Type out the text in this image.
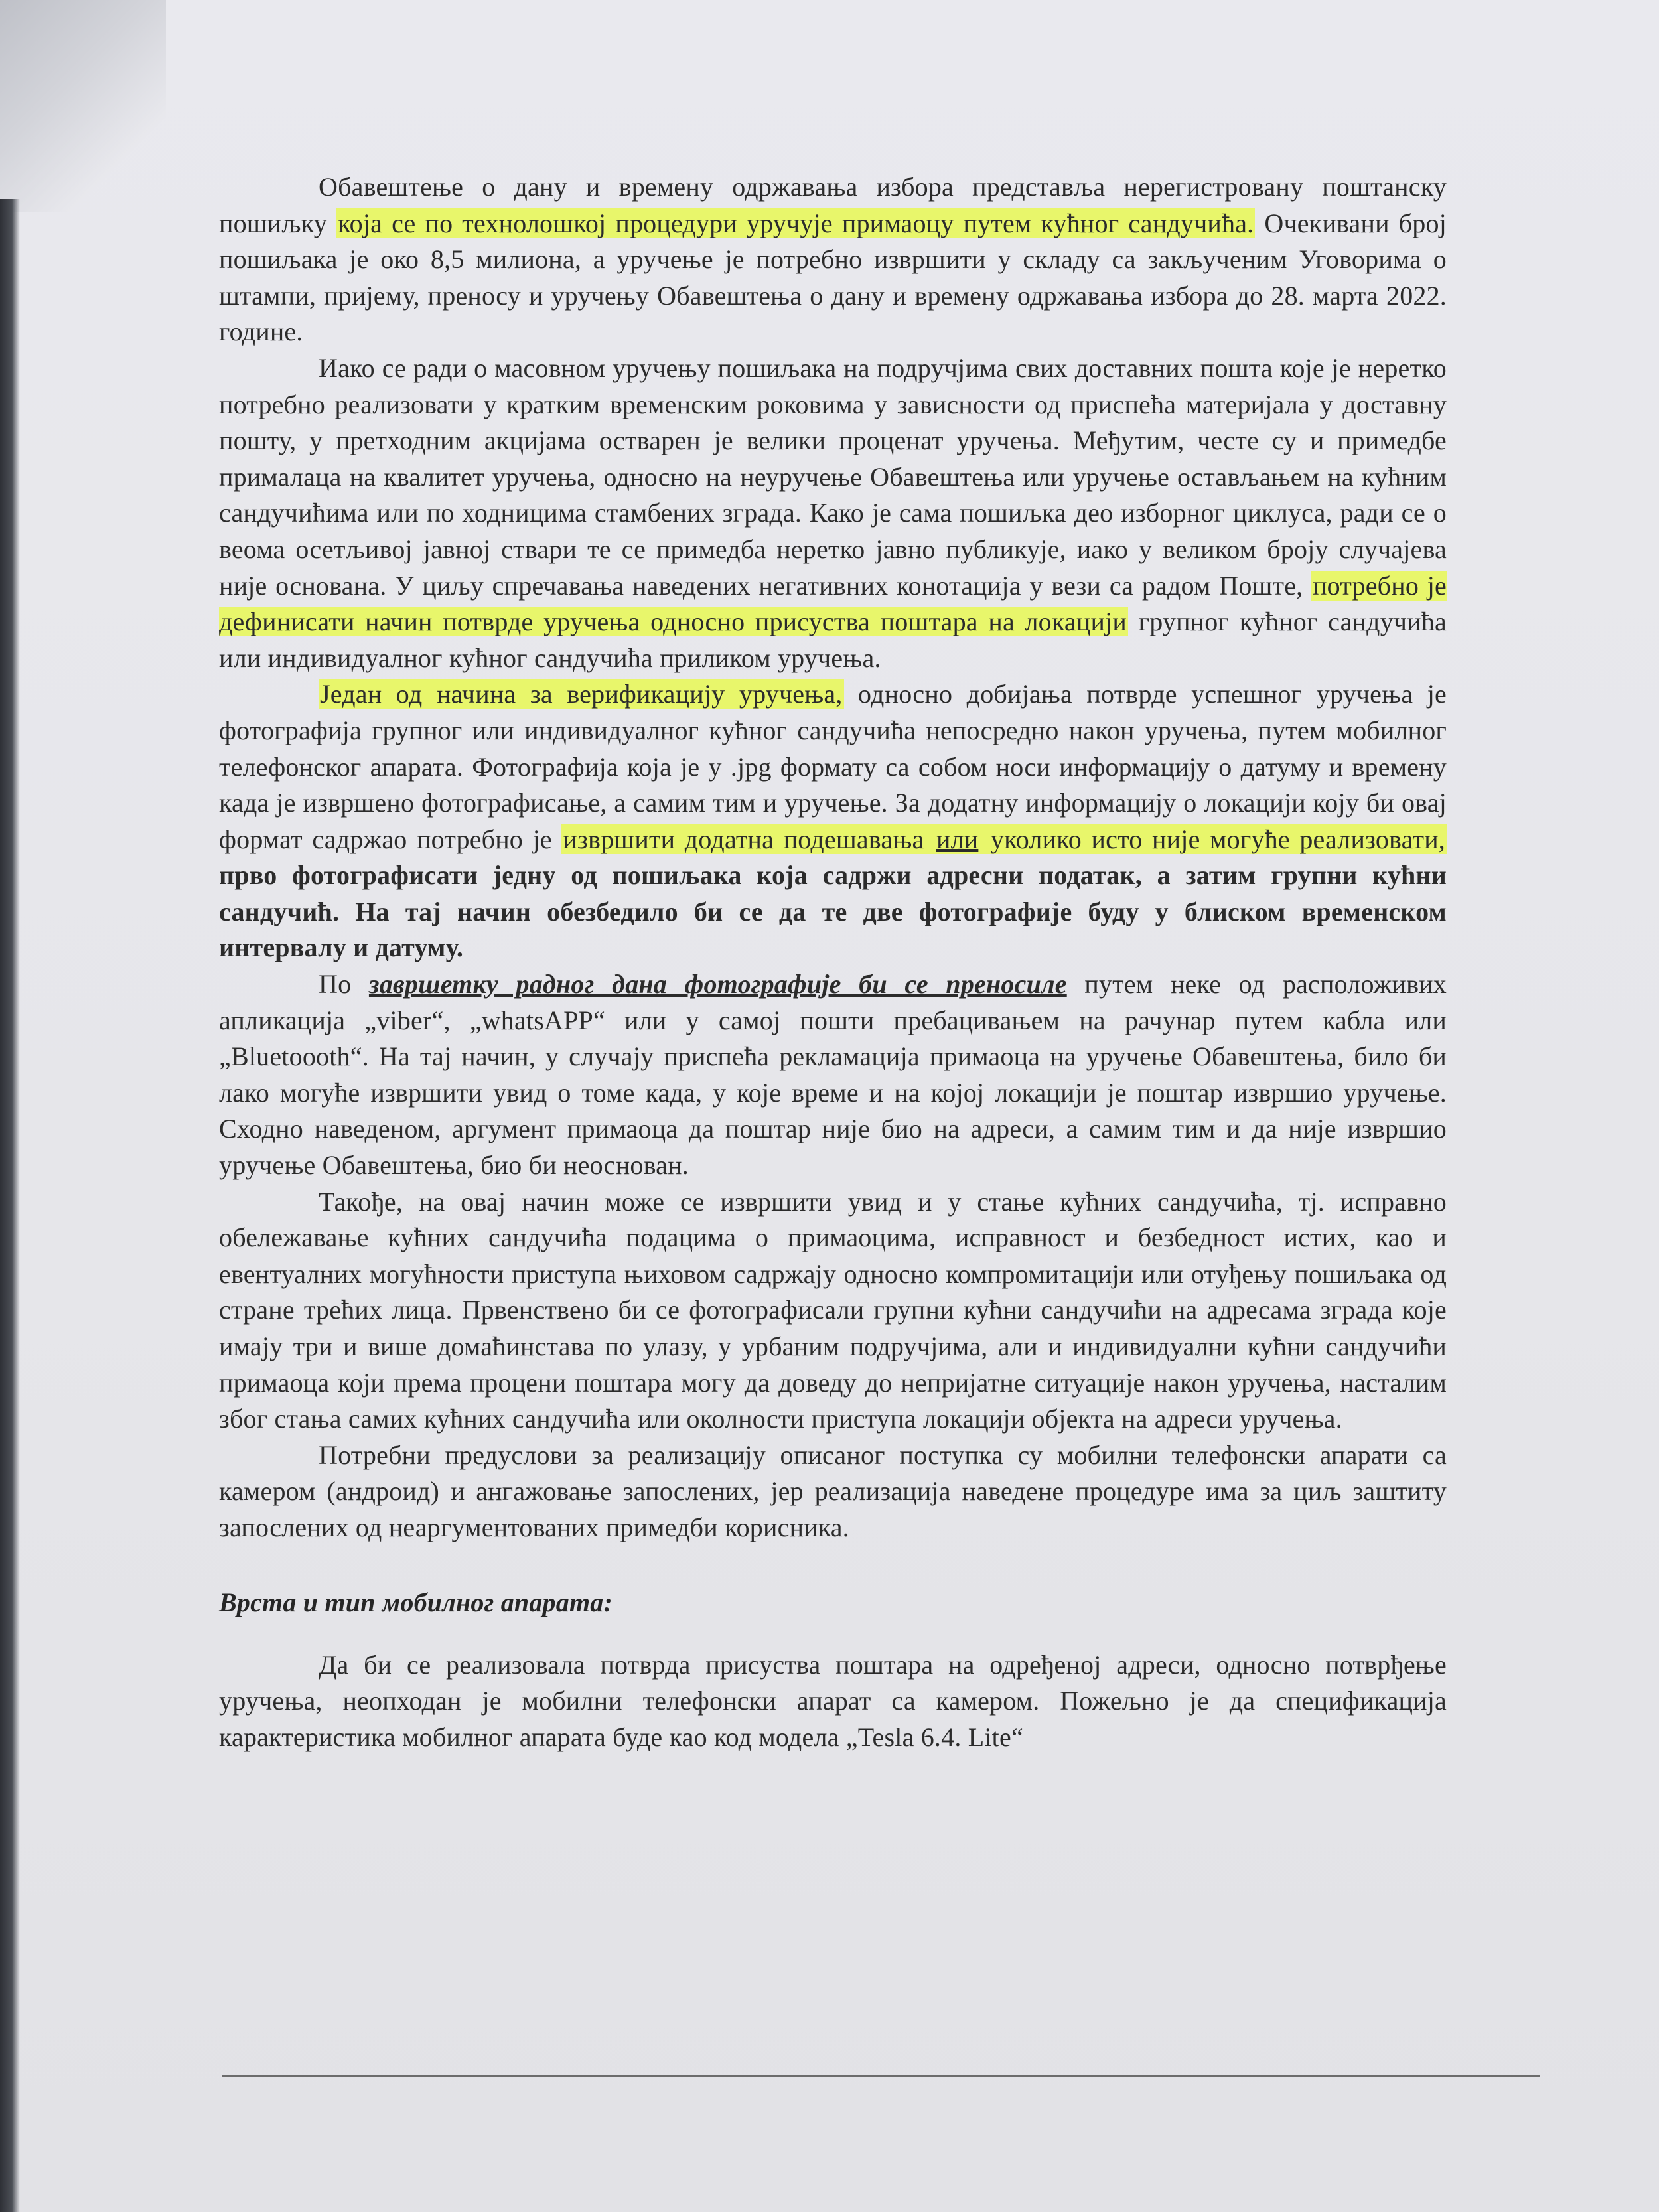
Обавештење о дану и времену одржавања избора представља нерегистровану поштанску пошиљку која се по технолошкој процедури уручује примаоцу путем кућног сандучића. Очекивани број пошиљака је око 8,5 милиона, а уручење је потребно извршити у складу са закљученим Уговорима о штампи, пријему, преносу и уручењу Обавештења о дану и времену одржавања избора до 28. марта 2022. године.

Иако се ради о масовном уручењу пошиљака на подручјима свих доставних пошта које је неретко потребно реализовати у кратким временским роковима у зависности од приспећа материјала у доставну пошту, у претходним акцијама остварен је велики проценат уручења. Међутим, честе су и примедбе прималаца на квалитет уручења, односно на неуручење Обавештења или уручење остављањем на кућним сандучићима или по ходницима стамбених зграда. Како је сама пошиљка део изборног циклуса, ради се о веома осетљивој јавној ствари те се примедба неретко јавно публикује, иако у великом броју случајева није основана. У циљу спречавања наведених негативних конотација у вези са радом Поште, потребно је дефинисати начин потврде уручења односно присуства поштара на локацији групног кућног сандучића или индивидуалног кућног сандучића приликом уручења.

Један од начина за верификацију уручења, односно добијања потврде успешног уручења је фотографија групног или индивидуалног кућног сандучића непосредно након уручења, путем мобилног телефонског апарата. Фотографија која је у .jpg формату са собом носи информацију о датуму и времену када је извршено фотографисање, а самим тим и уручење. За додатну информацију о локацији коју би овај формат садржао потребно је извршити додатна подешавања или уколико исто није могуће реализовати, прво фотографисати једну од пошиљака која садржи адресни податак, а затим групни кућни сандучић. На тај начин обезбедило би се да те две фотографије буду у блиском временском интервалу и датуму.

По завршетку радног дана фотографије би се преносиле путем неке од расположивих апликација „viber“, „whatsAPP“ или у самој пошти пребацивањем на рачунар путем кабла или „Bluetoooth“. На тај начин, у случају приспећа рекламација примаоца на уручење Обавештења, било би лако могуће извршити увид о томе када, у које време и на којој локацији је поштар извршио уручење. Сходно наведеном, аргумент примаоца да поштар није био на адреси, а самим тим и да није извршио уручење Обавештења, био би неоснован.

Такође, на овај начин може се извршити увид и у стање кућних сандучића, тј. исправно обележавање кућних сандучића подацима о примаоцима, исправност и безбедност истих, као и евентуалних могућности приступа њиховом садржају односно компромитацији или отуђењу пошиљака од стране трећих лица. Првенствено би се фотографисали групни кућни сандучићи на адресама зграда које имају три и више домаћинстава по улазу, у урбаним подручјима, али и индивидуални кућни сандучићи примаоца који према процени поштара могу да доведу до непријатне ситуације након уручења, насталим због стања самих кућних сандучића или околности приступа локацији објекта на адреси уручења.

Потребни предуслови за реализацију описаног поступка су мобилни телефонски апарати са камером (андроид) и ангажовање запослених, јер реализација наведене процедуре има за циљ заштиту запослених од неаргументованих примедби корисника.

Врста и тип мобилног апарата:

Да би се реализовала потврда присуства поштара на одређеној адреси, односно потврђење уручења, неопходан је мобилни телефонски апарат са камером. Пожељно је да спецификација карактеристика мобилног апарата буде као код модела „Tesla 6.4. Lite“
